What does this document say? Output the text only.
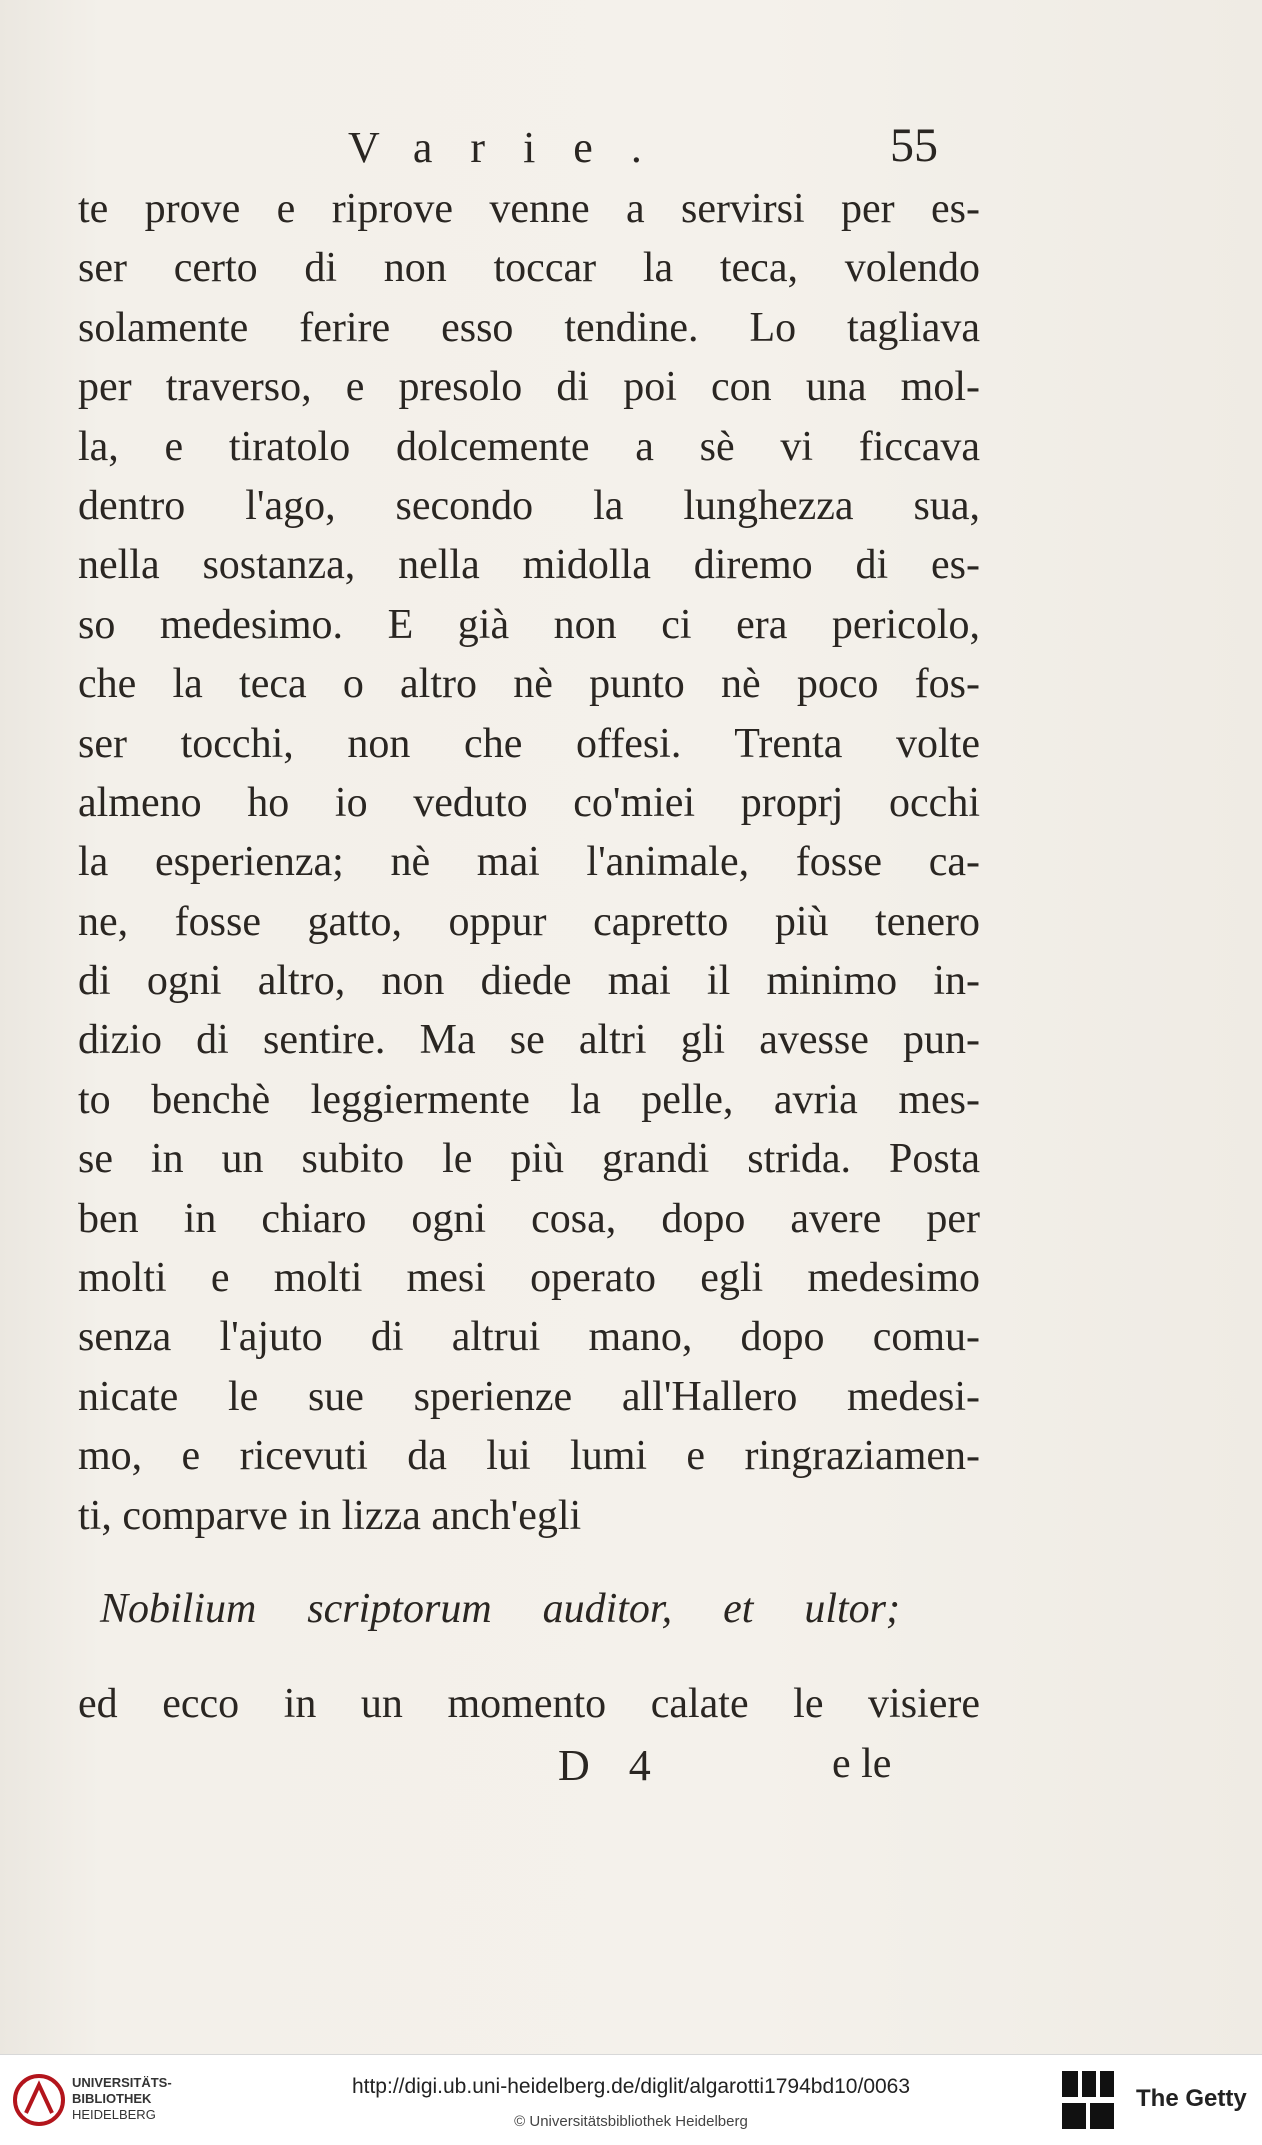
Varie.	55
te prove e riprove venne a servirsi per es-
ser certo di non toccar la teca, volendo
solamente ferire esso tendine. Lo tagliava
per traverso, e presolo di poi con una mol-
la, e tiratolo dolcemente a sè vi ficcava
dentro l'ago, secondo la lunghezza sua,
nella sostanza, nella midolla diremo di es-
so medesimo. E già non ci era pericolo,
che la teca o altro nè punto nè poco fos-
ser tocchi, non che offesi. Trenta volte
almeno ho io veduto co'miei proprj occhi
la esperienza; nè mai l'animale, fosse ca-
ne, fosse gatto, oppur capretto più tenero
di ogni altro, non diede mai il minimo in-
dizio di sentire. Ma se altri gli avesse pun-
to benchè leggiermente la pelle, avria mes-
se in un subito le più grandi strida. Posta
ben in chiaro ogni cosa, dopo avere per
molti e molti mesi operato egli medesimo
senza l'ajuto di altrui mano, dopo comu-
nicate le sue sperienze all'Hallero medesi-
mo, e ricevuti da lui lumi e ringraziamen-
ti, comparve in lizza anch'egli
Nobilium scriptorum auditor, et ultor;
ed ecco in un momento calate le visiere
D 4	e le
UNIVERSITÄTS-
BIBLIOTHEK
HEIDELBERG
http://digi.ub.uni-heidelberg.de/diglit/algarotti1794bd10/0063
© Universitätsbibliothek Heidelberg
The Getty
